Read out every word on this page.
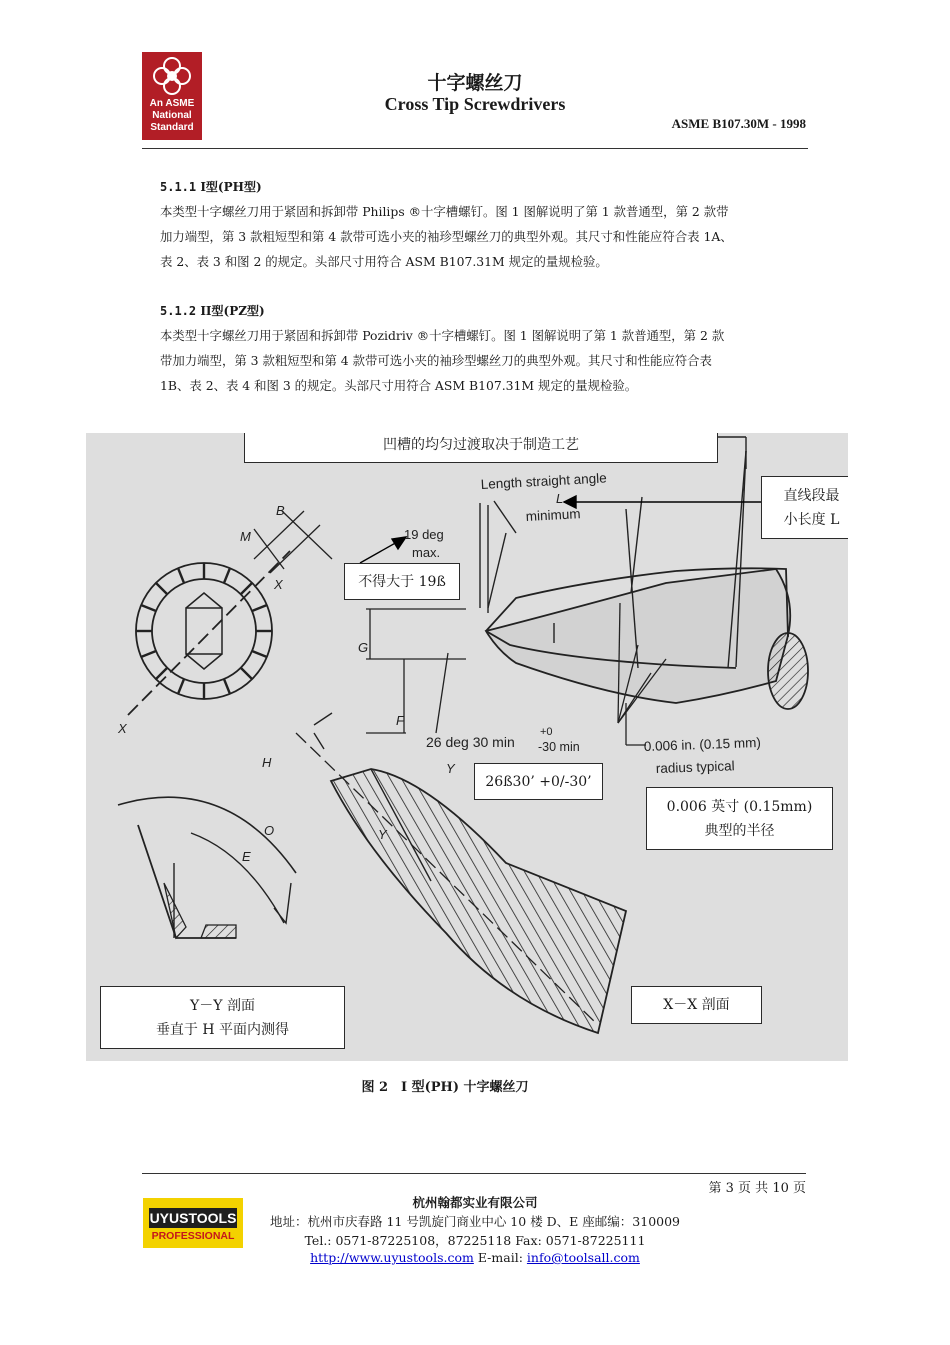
An ASME
National
Standard
十字螺丝刀
Cross Tip Screwdrivers
ASME B107.30M - 1998
5.1.1 I型(PH型)

本类型十字螺丝刀用于紧固和拆卸带 Philips ®十字槽螺钉。图 1 图解说明了第 1 款普通型，第 2 款带

加力端型，第 3 款粗短型和第 4 款带可选小夹的袖珍型螺丝刀的典型外观。其尺寸和性能应符合表 1A、

表 2、表 3 和图 2 的规定。头部尺寸用符合 ASM B107.31M 规定的量规检验。

5.1.2 II型(PZ型)

本类型十字螺丝刀用于紧固和拆卸带 Pozidriv ®十字槽螺钉。图 1 图解说明了第 1 款普通型，第 2 款

带加力端型，第 3 款粗短型和第 4 款带可选小夹的袖珍型螺丝刀的典型外观。其尺寸和性能应符合表

1B、表 2、表 4 和图 3 的规定。头部尺寸用符合 ASM B107.31M 规定的量规检验。

Length straight angle
L
minimum
19 deg
max.
B
M
X
X
G
F
H	Y
Y
O
E
26 deg 30 min
+0
-30 min	0.006 in. (0.15 mm)
radius typical
凹槽的均匀过渡取决于制造工艺
直线段最
小长度 L
不得大于 19ß
26ß30’ +0/-30’
0.006 英寸 (0.15mm)
典型的半径
Y－Y 剖面
垂直于 H 平面内测得
X－X 剖面
图 2　I 型(PH) 十字螺丝刀
第 3 页 共 10 页
UYUSTOOLS
PROFESSIONAL
杭州翰都实业有限公司
地址：杭州市庆春路 11 号凯旋门商业中心 10 楼 D、E 座邮编：310009
Tel.: 0571-87225108，87225118 Fax: 0571-87225111
http://www.uyustools.com E-mail: info@toolsall.com
